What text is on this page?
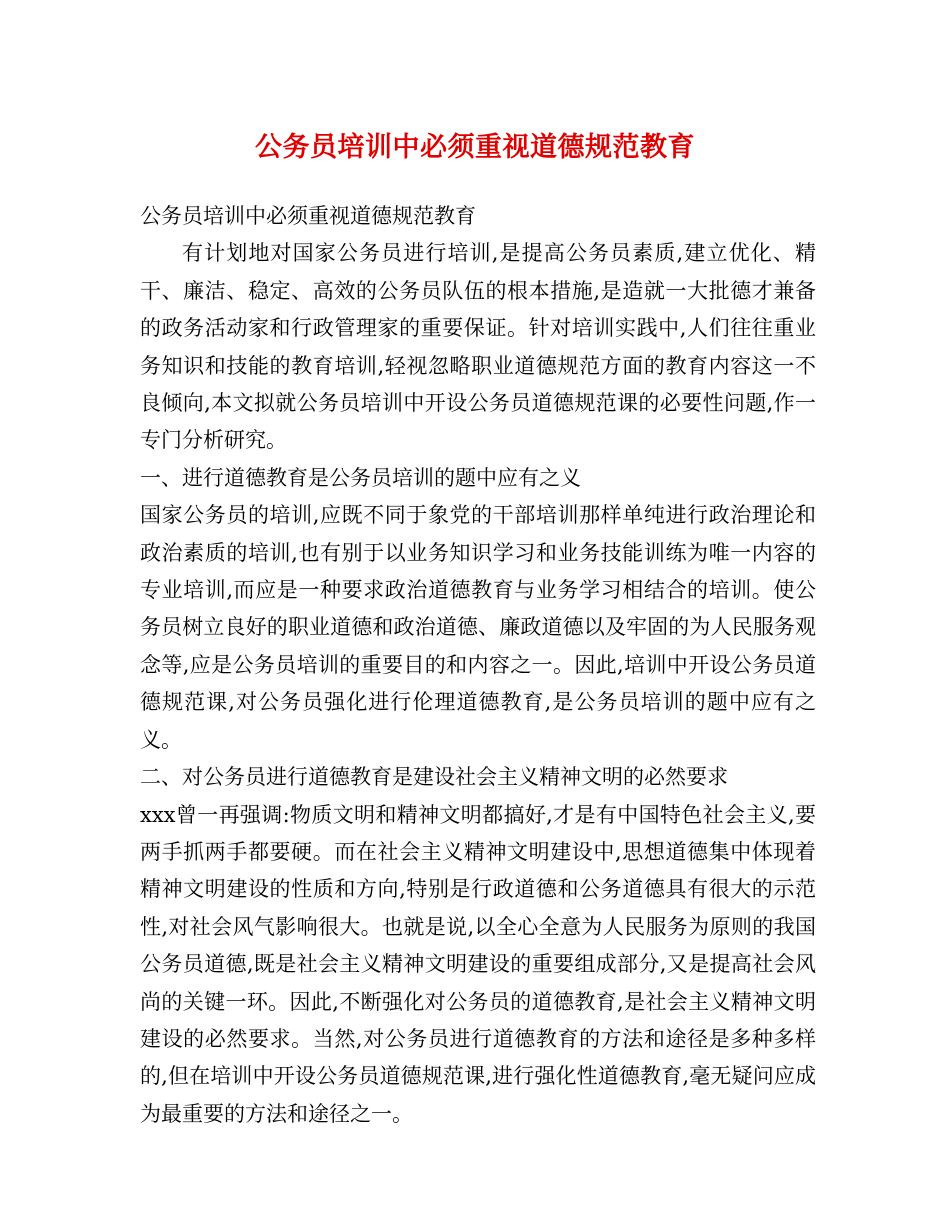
公务员培训中必须重视道德规范教育

公务员培训中必须重视道德规范教育

有计划地对国家公务员进行培训,是提高公务员素质,建立优化、精干、廉洁、稳定、高效的公务员队伍的根本措施,是造就一大批德才兼备的政务活动家和行政管理家的重要保证。针对培训实践中,人们往往重业务知识和技能的教育培训,轻视忽略职业道德规范方面的教育内容这一不良倾向,本文拟就公务员培训中开设公务员道德规范课的必要性问题,作一专门分析研究。

一、进行道德教育是公务员培训的题中应有之义

国家公务员的培训,应既不同于象党的干部培训那样单纯进行政治理论和政治素质的培训,也有别于以业务知识学习和业务技能训练为唯一内容的专业培训,而应是一种要求政治道德教育与业务学习相结合的培训。使公务员树立良好的职业道德和政治道德、廉政道德以及牢固的为人民服务观念等,应是公务员培训的重要目的和内容之一。因此,培训中开设公务员道德规范课,对公务员强化进行伦理道德教育,是公务员培训的题中应有之义。

二、对公务员进行道德教育是建设社会主义精神文明的必然要求

xxx曾一再强调:物质文明和精神文明都搞好,才是有中国特色社会主义,要两手抓两手都要硬。而在社会主义精神文明建设中,思想道德集中体现着精神文明建设的性质和方向,特别是行政道德和公务道德具有很大的示范性,对社会风气影响很大。也就是说,以全心全意为人民服务为原则的我国公务员道德,既是社会主义精神文明建设的重要组成部分,又是提高社会风尚的关键一环。因此,不断强化对公务员的道德教育,是社会主义精神文明建设的必然要求。当然,对公务员进行道德教育的方法和途径是多种多样的,但在培训中开设公务员道德规范课,进行强化性道德教育,毫无疑问应成为最重要的方法和途径之一。
